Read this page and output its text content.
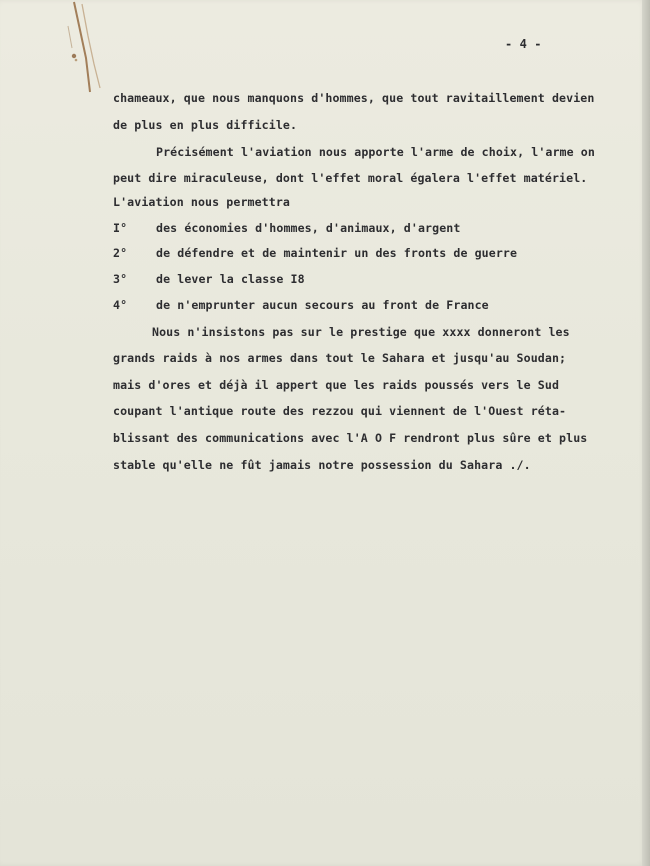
- 4 -

chameaux, que nous manquons d'hommes, que tout ravitaillement devien

de plus en plus difficile.

Précisément l'aviation nous apporte l'arme de choix, l'arme on

peut dire miraculeuse, dont l'effet moral égalera l'effet matériel.

L'aviation nous permettra

I° des économies d'hommes, d'animaux, d'argent

2° de défendre et de maintenir un des fronts de guerre

3° de lever la classe I8

4° de n'emprunter aucun secours au front de France

Nous n'insistons pas sur le prestige que xxxx donneront les

grands raids à nos armes dans tout le Sahara et jusqu'au Soudan;

mais d'ores et déjà il appert que les raids poussés vers le Sud

coupant l'antique route des rezzou qui viennent de l'Ouest réta-

blissant des communications avec l'A O F rendront plus sûre et plus

stable qu'elle ne fût jamais notre possession du Sahara ./.
